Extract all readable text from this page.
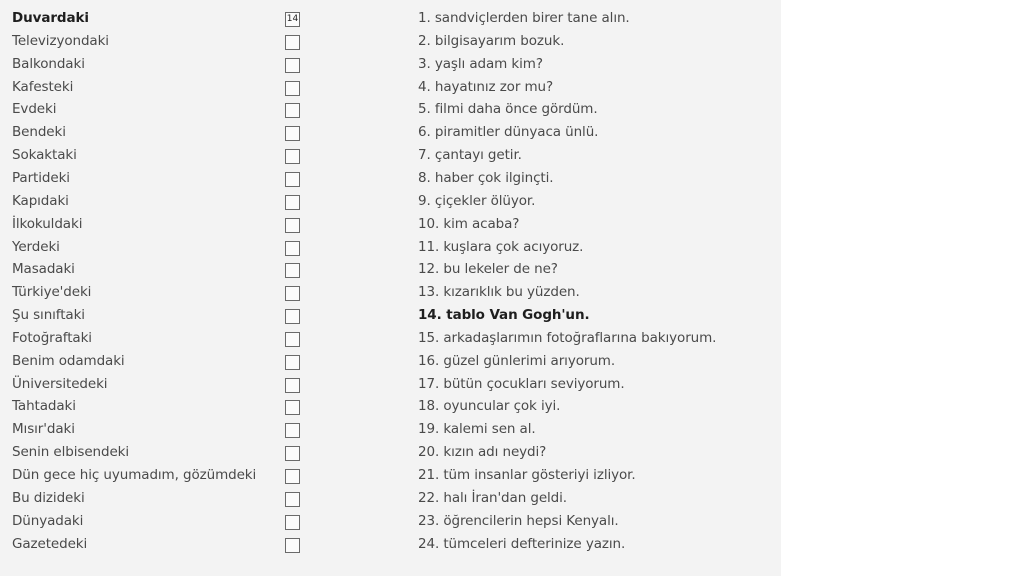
Duvardaki	14	1. sandviçlerden birer tane alın.
Televizyondaki	2. bilgisayarım bozuk.
Balkondaki	3. yaşlı adam kim?
Kafesteki	4. hayatınız zor mu?
Evdeki	5. filmi daha önce gördüm.
Bendeki	6. piramitler dünyaca ünlü.
Sokaktaki	7. çantayı getir.
Partideki	8. haber çok ilginçti.
Kapıdaki	9. çiçekler ölüyor.
İlkokuldaki	10. kim acaba?
Yerdeki	11. kuşlara çok acıyoruz.
Masadaki	12. bu lekeler de ne?
Türkiye'deki	13. kızarıklık bu yüzden.
Şu sınıftaki	14. tablo Van Gogh'un.
Fotoğraftaki	15. arkadaşlarımın fotoğraflarına bakıyorum.
Benim odamdaki	16. güzel günlerimi arıyorum.
Üniversitedeki	17. bütün çocukları seviyorum.
Tahtadaki	18. oyuncular çok iyi.
Mısır'daki	19. kalemi sen al.
Senin elbisendeki	20. kızın adı neydi?
Dün gece hiç uyumadım, gözümdeki	21. tüm insanlar gösteriyi izliyor.
Bu dizideki	22. halı İran'dan geldi.
Dünyadaki	23. öğrencilerin hepsi Kenyalı.
Gazetedeki	24. tümceleri defterinize yazın.
